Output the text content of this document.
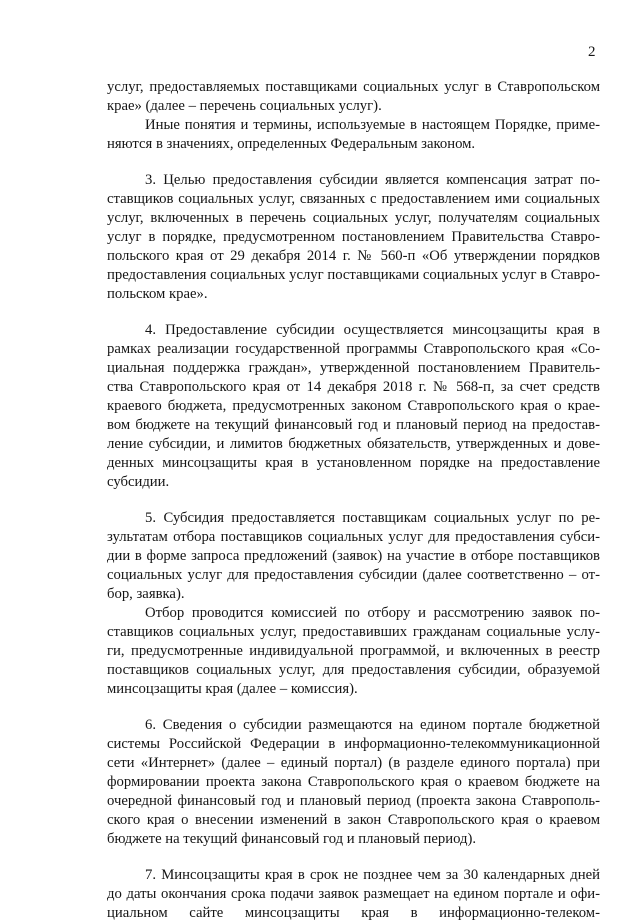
2

услуг, предоставляемых поставщиками социальных услуг в Ставропольском
крае» (далее – перечень социальных услуг).

Иные понятия и термины, используемые в настоящем Порядке, приме-
няются в значениях, определенных Федеральным законом.

3. Целью предоставления субсидии является компенсация затрат по-
ставщиков социальных услуг, связанных с предоставлением ими социальных
услуг, включенных в перечень социальных услуг, получателям социальных
услуг в порядке, предусмотренном постановлением Правительства Ставро-
польского края от 29 декабря 2014 г. № 560-п «Об утверждении порядков
предоставления социальных услуг поставщиками социальных услуг в Ставро-
польском крае».

4. Предоставление субсидии осуществляется минсоцзащиты края в
рамках реализации государственной программы Ставропольского края «Со-
циальная поддержка граждан», утвержденной постановлением Правитель-
ства Ставропольского края от 14 декабря 2018 г. № 568-п, за счет средств
краевого бюджета, предусмотренных законом Ставропольского края о крае-
вом бюджете на текущий финансовый год и плановый период на предостав-
ление субсидии, и лимитов бюджетных обязательств, утвержденных и дове-
денных минсоцзащиты края в установленном порядке на предоставление
субсидии.

5. Субсидия предоставляется поставщикам социальных услуг по ре-
зультатам отбора поставщиков социальных услуг для предоставления субси-
дии в форме запроса предложений (заявок) на участие в отборе поставщиков
социальных услуг для предоставления субсидии (далее соответственно – от-
бор, заявка).

Отбор проводится комиссией по отбору и рассмотрению заявок по-
ставщиков социальных услуг, предоставивших гражданам социальные услу-
ги, предусмотренные индивидуальной программой, и включенных в реестр
поставщиков социальных услуг, для предоставления субсидии, образуемой
минсоцзащиты края (далее – комиссия).

6. Сведения о субсидии размещаются на едином портале бюджетной
системы Российской Федерации в информационно-телекоммуникационной
сети «Интернет» (далее – единый портал) (в разделе единого портала) при
формировании проекта закона Ставропольского края о краевом бюджете на
очередной финансовый год и плановый период (проекта закона Ставрополь-
ского края о внесении изменений в закон Ставропольского края о краевом
бюджете на текущий финансовый год и плановый период).

7. Минсоцзащиты края в срок не позднее чем за 30 календарных дней
до даты окончания срока подачи заявок размещает на едином портале и офи-
циальном сайте минсоцзащиты края в информационно-телеком-
